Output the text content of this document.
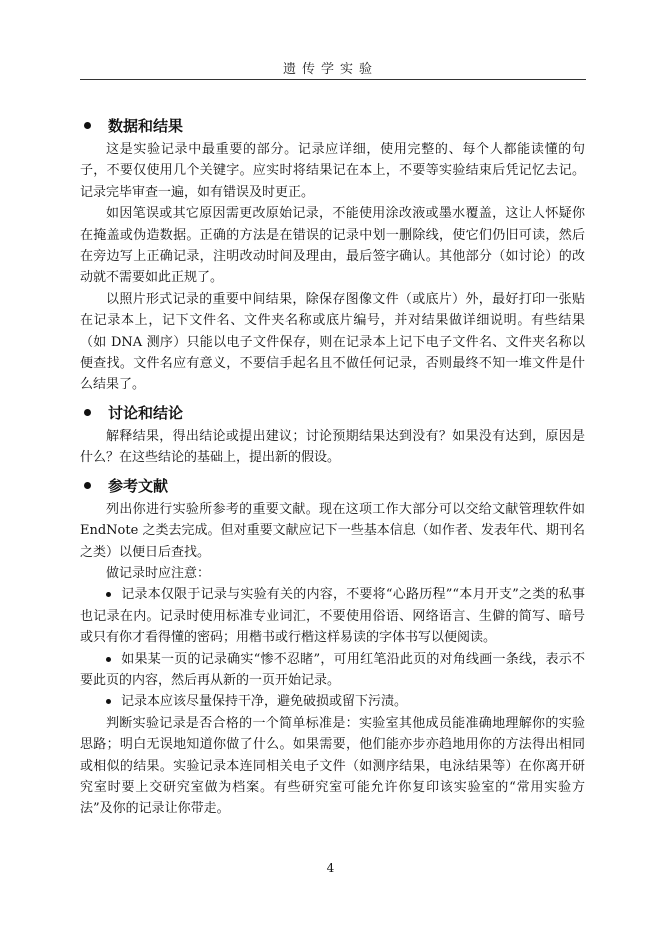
遗传学实验
数据和结果

这是实验记录中最重要的部分。记录应详细，使用完整的、每个人都能读懂的句子，不要仅使用几个关键字。应实时将结果记在本上，不要等实验结束后凭记忆去记。记录完毕审查一遍，如有错误及时更正。

如因笔误或其它原因需更改原始记录，不能使用涂改液或墨水覆盖，这让人怀疑你在掩盖或伪造数据。正确的方法是在错误的记录中划一删除线，使它们仍旧可读，然后在旁边写上正确记录，注明改动时间及理由，最后签字确认。其他部分（如讨论）的改动就不需要如此正规了。

以照片形式记录的重要中间结果，除保存图像文件（或底片）外，最好打印一张贴在记录本上，记下文件名、文件夹名称或底片编号，并对结果做详细说明。有些结果（如 DNA 测序）只能以电子文件保存，则在记录本上记下电子文件名、文件夹名称以便查找。文件名应有意义，不要信手起名且不做任何记录，否则最终不知一堆文件是什么结果了。

讨论和结论

解释结果，得出结论或提出建议；讨论预期结果达到没有？如果没有达到，原因是什么？在这些结论的基础上，提出新的假设。

参考文献

列出你进行实验所参考的重要文献。现在这项工作大部分可以交给文献管理软件如 EndNote 之类去完成。但对重要文献应记下一些基本信息（如作者、发表年代、期刊名之类）以便日后查找。

做记录时应注意：

记录本仅限于记录与实验有关的内容，不要将“心路历程”“本月开支”之类的私事也记录在内。记录时使用标准专业词汇，不要使用俗语、网络语言、生僻的简写、暗号或只有你才看得懂的密码；用楷书或行楷这样易读的字体书写以便阅读。

如果某一页的记录确实“惨不忍睹”，可用红笔沿此页的对角线画一条线，表示不要此页的内容，然后再从新的一页开始记录。

记录本应该尽量保持干净，避免破损或留下污渍。

判断实验记录是否合格的一个简单标准是：实验室其他成员能准确地理解你的实验思路；明白无误地知道你做了什么。如果需要，他们能亦步亦趋地用你的方法得出相同或相似的结果。实验记录本连同相关电子文件（如测序结果，电泳结果等）在你离开研究室时要上交研究室做为档案。有些研究室可能允许你复印该实验室的“常用实验方法”及你的记录让你带走。

4
